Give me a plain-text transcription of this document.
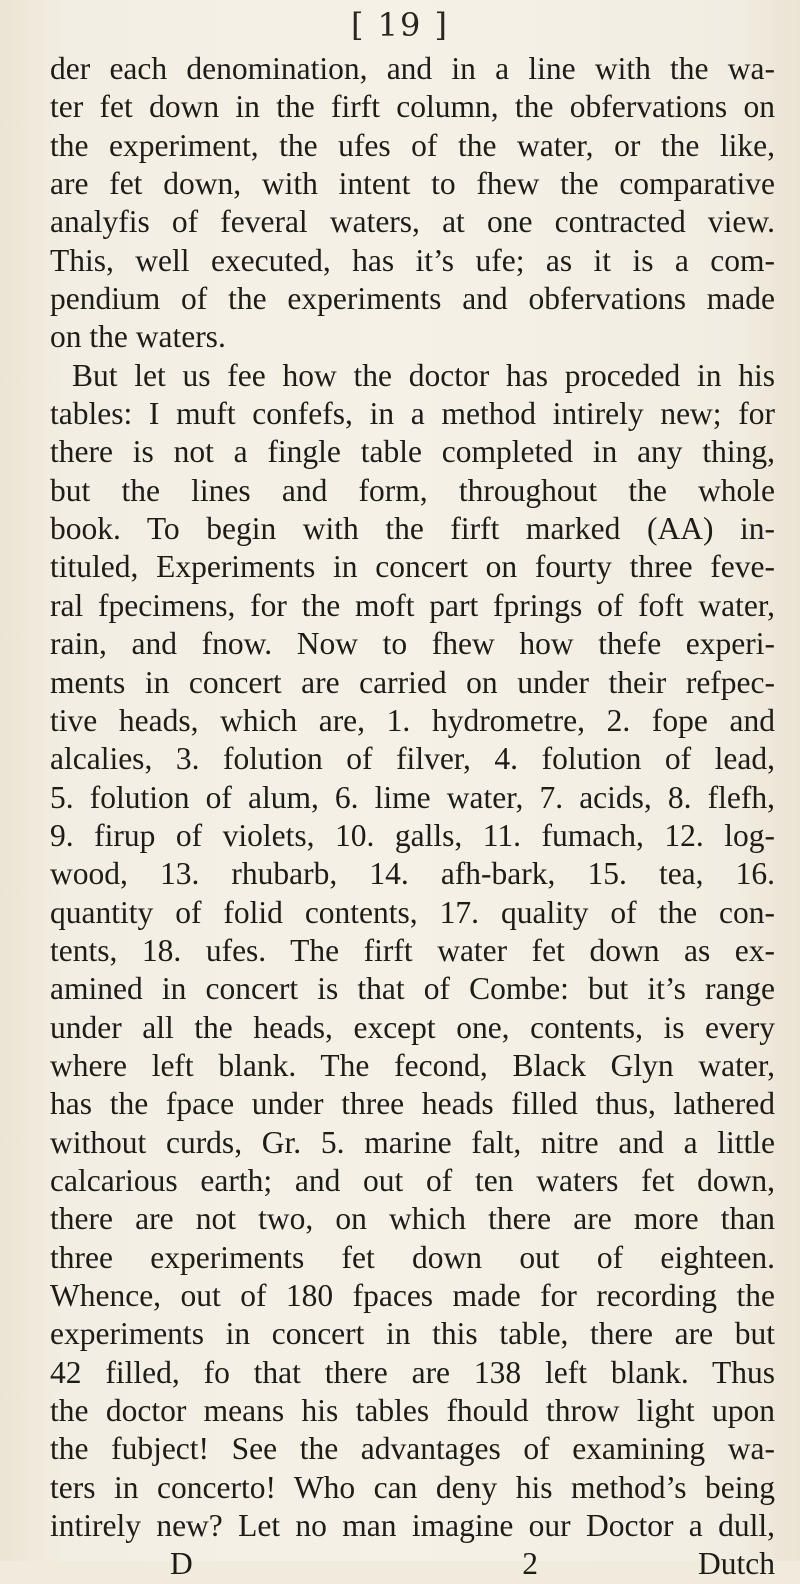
[ 19 ]
der each denomination, and in a line with the wa-
ter fet down in the firft column, the obfervations on
the experiment, the ufes of the water, or the like,
are fet down, with intent to fhew the comparative
analyfis of feveral waters, at one contracted view.
This, well executed, has it’s ufe; as it is a com-
pendium of the experiments and obfervations made
on the waters.
But let us fee how the doctor has proceded in his
tables: I muft confefs, in a method intirely new; for
there is not a fingle table completed in any thing,
but the lines and form, throughout the whole
book. To begin with the firft marked (AA) in-
tituled, Experiments in concert on fourty three feve-
ral fpecimens, for the moft part fprings of foft water,
rain, and fnow. Now to fhew how thefe experi-
ments in concert are carried on under their refpec-
tive heads, which are, 1. hydrometre, 2. fope and
alcalies, 3. folution of filver, 4. folution of lead,
5. folution of alum, 6. lime water, 7. acids, 8. flefh,
9. firup of violets, 10. galls, 11. fumach, 12. log-
wood, 13. rhubarb, 14. afh-bark, 15. tea, 16.
quantity of folid contents, 17. quality of the con-
tents, 18. ufes. The firft water fet down as ex-
amined in concert is that of Combe: but it’s range
under all the heads, except one, contents, is every
where left blank. The fecond, Black Glyn water,
has the fpace under three heads filled thus, lathered
without curds, Gr. 5. marine falt, nitre and a little
calcarious earth; and out of ten waters fet down,
there are not two, on which there are more than
three experiments fet down out of eighteen.
Whence, out of 180 fpaces made for recording the
experiments in concert in this table, there are but
42 filled, fo that there are 138 left blank. Thus
the doctor means his tables fhould throw light upon
the fubject! See the advantages of examining wa-
ters in concerto! Who can deny his method’s being
intirely new? Let no man imagine our Doctor a dull,
D 2	Dutch
